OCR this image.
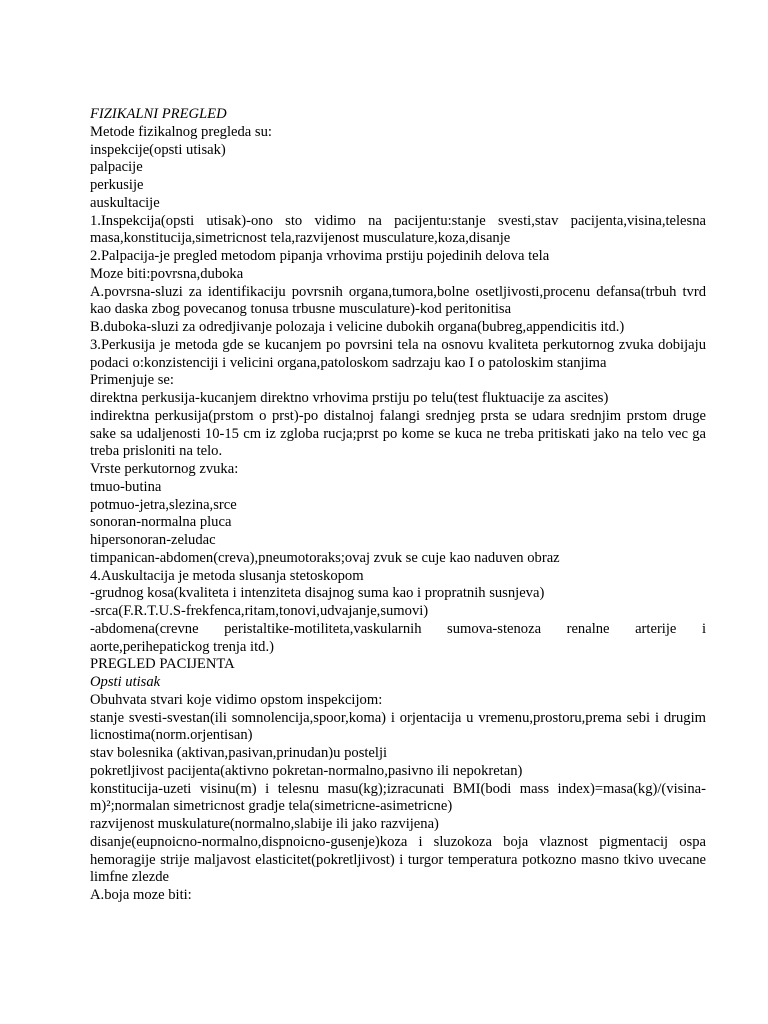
FIZIKALNI PREGLED
Metode fizikalnog pregleda su:
inspekcije(opsti utisak)
palpacije
perkusije
auskultacije
1.Inspekcija(opsti utisak)-ono sto vidimo na pacijentu:stanje svesti,stav pacijenta,visina,telesna masa,konstitucija,simetricnost tela,razvijenost musculature,koza,disanje
2.Palpacija-je pregled metodom pipanja vrhovima prstiju pojedinih delova tela
Moze biti:povrsna,duboka
A.povrsna-sluzi za identifikaciju povrsnih organa,tumora,bolne osetljivosti,procenu defansa(trbuh tvrd kao daska zbog povecanog tonusa trbusne musculature)-kod peritonitisa
B.duboka-sluzi za odredjivanje polozaja i velicine dubokih organa(bubreg,appendicitis itd.)
3.Perkusija je metoda gde se kucanjem po povrsini tela na osnovu kvaliteta perkutornog zvuka dobijaju podaci o:konzistenciji i velicini organa,patoloskom sadrzaju kao I o patoloskim stanjima
Primenjuje se:
direktna perkusija-kucanjem direktno vrhovima prstiju po telu(test fluktuacije za ascites)
indirektna perkusija(prstom o prst)-po distalnoj falangi srednjeg prsta se udara srednjim prstom druge sake sa udaljenosti 10-15 cm iz zgloba rucja;prst po kome se kuca ne treba pritiskati jako na telo vec ga treba prisloniti na telo.
Vrste perkutornog zvuka:
tmuo-butina
potmuo-jetra,slezina,srce
sonoran-normalna pluca
hipersonoran-zeludac
timpanican-abdomen(creva),pneumotoraks;ovaj zvuk se cuje kao naduven obraz
4.Auskultacija je metoda slusanja stetoskopom
-grudnog kosa(kvaliteta i intenziteta disajnog suma kao i propratnih susnjeva)
-srca(F.R.T.U.S-frekfenca,ritam,tonovi,udvajanje,sumovi)
-abdomena(crevne peristaltike-motiliteta,vaskularnih sumova-stenoza renalne arterije i aorte,perihepatickog trenja itd.)
PREGLED PACIJENTA
Opsti utisak
Obuhvata stvari koje vidimo opstom inspekcijom:
stanje svesti-svestan(ili somnolencija,spoor,koma) i orjentacija u vremenu,prostoru,prema sebi i drugim licnostima(norm.orjentisan)
stav bolesnika (aktivan,pasivan,prinudan)u postelji
pokretljivost pacijenta(aktivno pokretan-normalno,pasivno ili nepokretan)
konstitucija-uzeti visinu(m) i telesnu masu(kg);izracunati BMI(bodi mass index)=masa(kg)/(visina-m)²;normalan simetricnost gradje tela(simetricne-asimetricne)
razvijenost muskulature(normalno,slabije ili jako razvijena)
disanje(eupnoicno-normalno,dispnoicno-gusenje)koza i sluzokoza boja vlaznost pigmentacij ospa hemoragije strije maljavost elasticitet(pokretljivost) i turgor temperatura potkozno masno tkivo uvecane limfne zlezde
A.boja moze biti:
